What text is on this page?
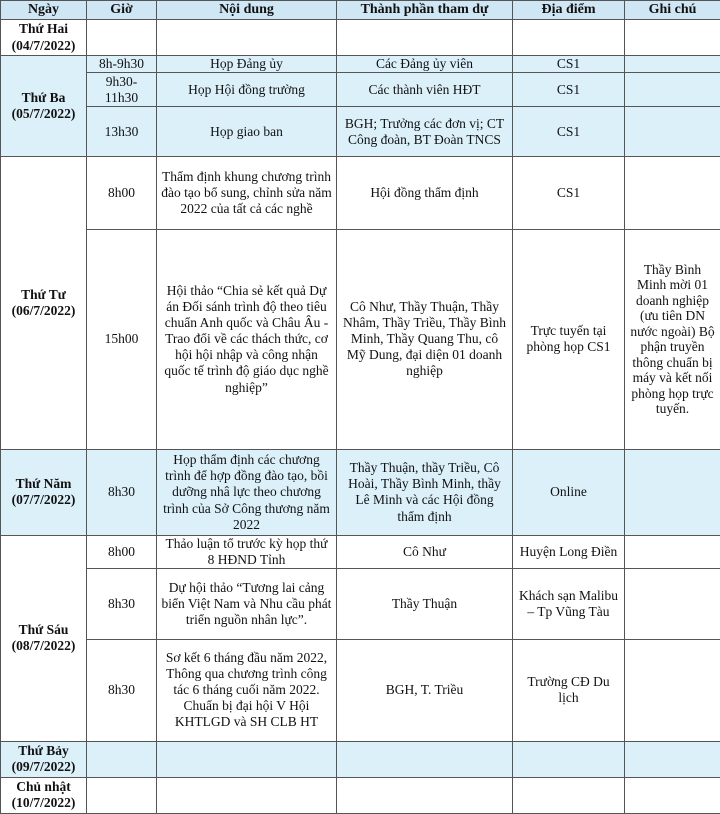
Ngày	Giờ	Nội dung	Thành phần tham dự	Địa điểm	Ghi chú
Thứ Hai
(04/7/2022)					
Thứ Ba
(05/7/2022)	8h-9h30	Họp Đảng ủy	Các Đảng ủy viên	CS1	
	9h30-11h30	Họp Hội đồng trường	Các thành viên HĐT	CS1	
	13h30	Họp giao ban	BGH; Trưởng các đơn vị; CT Công đoàn, BT Đoàn TNCS	CS1	
Thứ Tư
(06/7/2022)	8h00	Thẩm định khung chương trình đào tạo bổ sung, chỉnh sửa năm 2022 của tất cả các nghề	Hội đồng thẩm định	CS1	
	15h00	Hội thảo “Chia sẻ kết quả Dự án Đối sánh trình độ theo tiêu chuẩn Anh quốc và Châu Âu - Trao đổi về các thách thức, cơ hội hội nhập và công nhận quốc tế trình độ giáo dục nghề nghiệp”	Cô Như, Thầy Thuận, Thầy Nhâm, Thầy Triều, Thầy Bình Minh, Thầy Quang Thu, cô Mỹ Dung, đại diện 01 doanh nghiệp	Trực tuyến tại phòng họp CS1	Thầy Bình Minh mời 01 doanh nghiệp (ưu tiên DN nước ngoài) Bộ phận truyền thông chuẩn bị máy và kết nối phòng họp trực tuyến.
Thứ Năm
(07/7/2022)	8h30	Họp thẩm định các chương trình để hợp đồng đào tạo, bồi dưỡng nhâ lực theo chương trình của Sở Công thương năm 2022	Thầy Thuận, thầy Triều, Cô Hoài, Thầy Bình Minh, thầy Lê Minh và các Hội đồng thẩm định	Online	
Thứ Sáu
(08/7/2022)	8h00	Thảo luận tổ trước kỳ họp thứ 8 HĐND Tỉnh	Cô Như	Huyện Long Điền	
	8h30	Dự hội thảo “Tương lai cảng biển Việt Nam và Nhu cầu phát triển nguồn nhân lực”.	Thầy Thuận	Khách sạn Malibu – Tp Vũng Tàu	
	8h30	Sơ kết 6 tháng đầu năm 2022, Thông qua chương trình công tác 6 tháng cuối năm 2022. Chuẩn bị đại hội V Hội KHTLGD và SH CLB HT	BGH, T. Triều	Trường CĐ Du lịch	
Thứ Bảy
(09/7/2022)					
Chủ nhật
(10/7/2022)					
